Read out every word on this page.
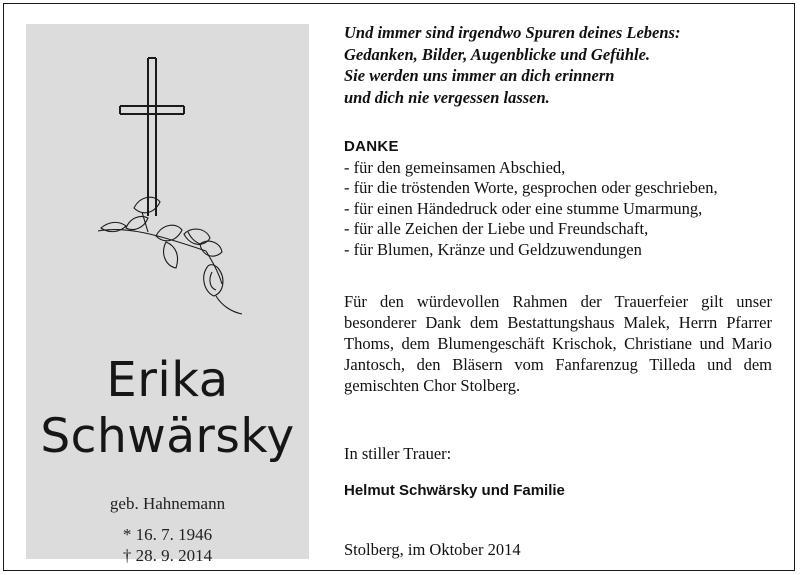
Erika
Schwärsky
geb. Hahnemann
* 16. 7. 1946
† 28. 9. 2014
Und immer sind irgendwo Spuren deines Lebens:
Gedanken, Bilder, Augenblicke und Gefühle.
Sie werden uns immer an dich erinnern
und dich nie vergessen lassen.
DANKE
- für den gemeinsamen Abschied,
- für die tröstenden Worte, gesprochen oder geschrieben,
- für einen Händedruck oder eine stumme Umarmung,
- für alle Zeichen der Liebe und Freundschaft,
- für Blumen, Kränze und Geldzuwendungen
Für den würdevollen Rahmen der Trauerfeier gilt unser besonderer Dank dem Bestattungshaus Malek, Herrn Pfarrer Thoms, dem Blumengeschäft Krischok, Christiane und Mario Jantosch, den Bläsern vom Fanfarenzug Tilleda und dem gemischten Chor Stolberg.
In stiller Trauer:
Helmut Schwärsky und Familie
Stolberg, im Oktober 2014
